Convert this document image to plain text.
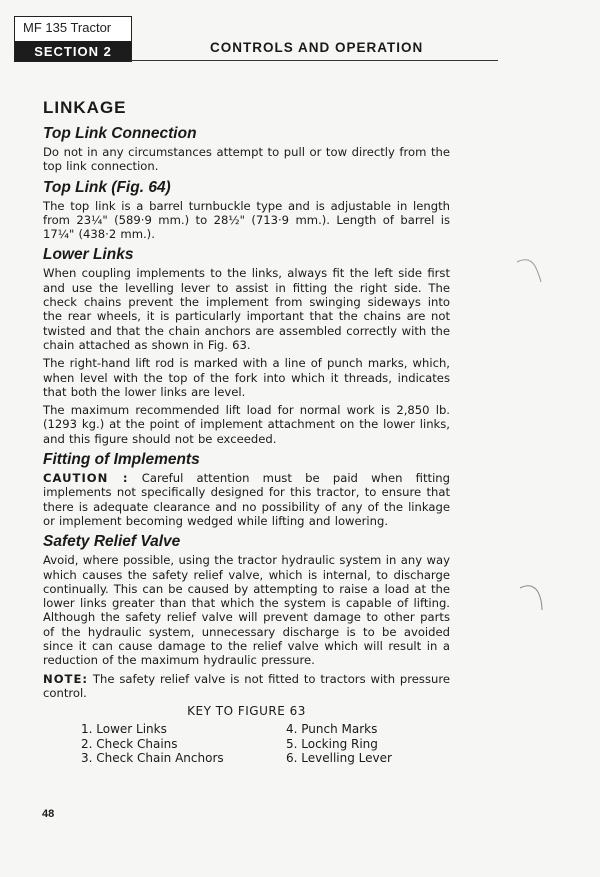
MF 135 Tractor
SECTION 2	CONTROLS AND OPERATION
LINKAGE
Top Link Connection

Do not in any circumstances attempt to pull or tow directly from the top link connection.

Top Link (Fig. 64)

The top link is a barrel turnbuckle type and is adjustable in length from 23¼" (589·9 mm.) to 28½" (713·9 mm.). Length of barrel is 17¼" (438·2 mm.).

Lower Links

When coupling implements to the links, always fit the left side first and use the levelling lever to assist in fitting the right side. The check chains prevent the implement from swinging sideways into the rear wheels, it is particularly important that the chains are not twisted and that the chain anchors are assembled correctly with the chain attached as shown in Fig. 63.

The right-hand lift rod is marked with a line of punch marks, which, when level with the top of the fork into which it threads, indicates that both the lower links are level.

The maximum recommended lift load for normal work is 2,850 lb. (1293 kg.) at the point of implement attachment on the lower links, and this figure should not be exceeded.

Fitting of Implements

CAUTION : Careful attention must be paid when fitting implements not specifically designed for this tractor, to ensure that there is adequate clearance and no possibility of any of the linkage or implement becoming wedged while lifting and lowering.

Safety Relief Valve

Avoid, where possible, using the tractor hydraulic system in any way which causes the safety relief valve, which is internal, to discharge continually. This can be caused by attempting to raise a load at the lower links greater than that which the system is capable of lifting. Although the safety relief valve will prevent damage to other parts of the hydraulic system, unnecessary discharge is to be avoided since it can cause damage to the relief valve which will result in a reduction of the maximum hydraulic pressure.

NOTE: The safety relief valve is not fitted to tractors with pressure control.

KEY TO FIGURE 63
1. Lower Links	4. Punch Marks
2. Check Chains	5. Locking Ring
3. Check Chain Anchors	6. Levelling Lever
48
